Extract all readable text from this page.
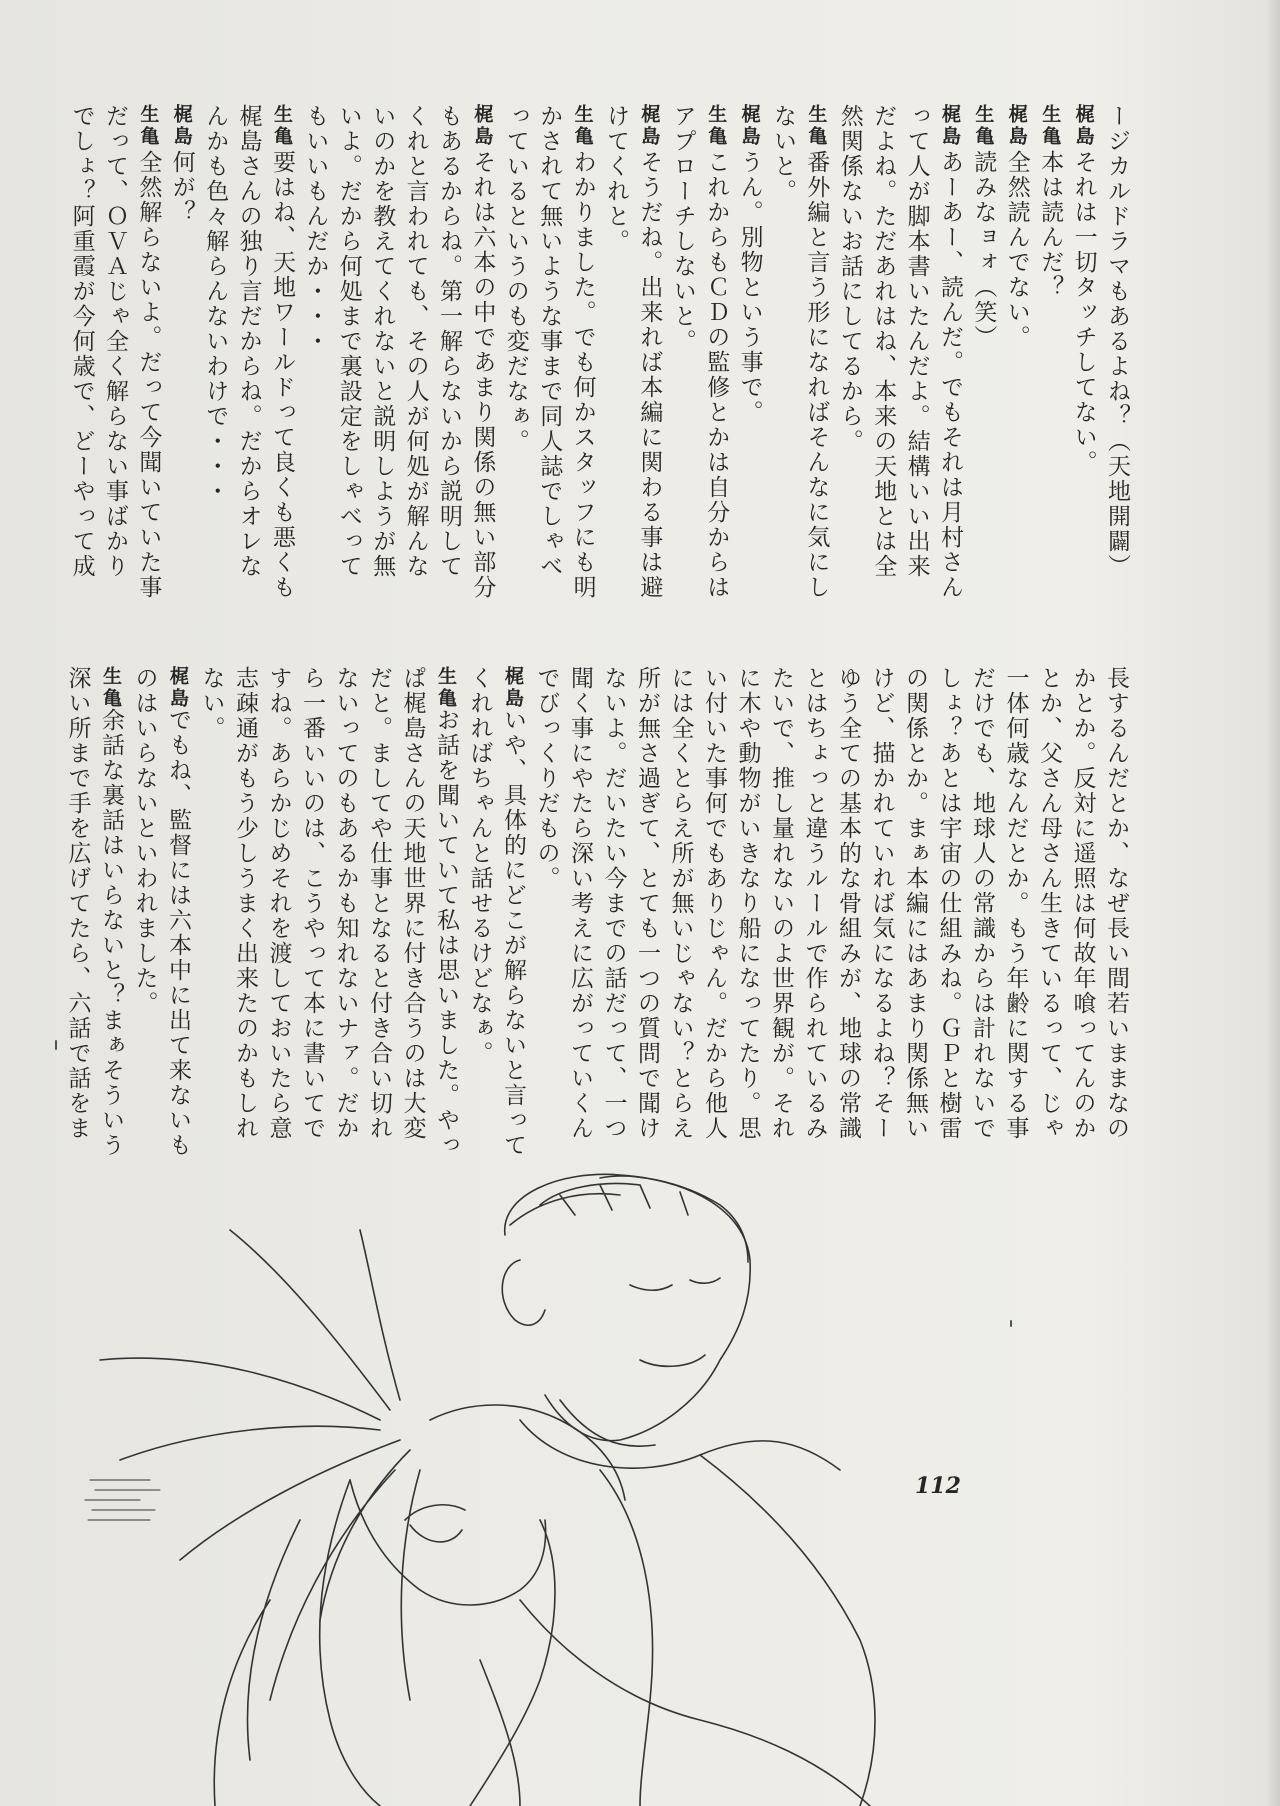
ージカルドラマもあるよね？（天地開闢）
梶島
それは一切タッチしてない。
生亀
本は読んだ？
梶島
全然読んでない。
生亀
読みなョォ（笑）
梶島
あーあー、読んだ。でもそれは月村さん
って人が脚本書いたんだよ。結構いい出来
だよね。ただあれはね、本来の天地とは全
然関係ないお話にしてるから。
生亀
番外編と言う形になればそんなに気にし
ないと。
梶島
うん。別物という事で。
生亀
これからもＣＤの監修とかは自分からは
アプローチしないと。
梶島
そうだね。出来れば本編に関わる事は避
けてくれと。
生亀
わかりました。でも何かスタッフにも明
かされて無いような事まで同人誌でしゃべ
っているというのも変だなぁ。
梶島
それは六本の中であまり関係の無い部分
もあるからね。第一解らないから説明して
くれと言われても、その人が何処が解んな
いのかを教えてくれないと説明しようが無
いよ。だから何処まで裏設定をしゃべって
もいいもんだか・・・
生亀
要はね、天地ワールドって良くも悪くも
梶島さんの独り言だからね。だからオレな
んかも色々解らんないわけで・・・
梶島
何が？
生亀
全然解らないよ。だって今聞いていた事
だって、ＯＶＡじゃ全く解らない事ばかり
でしょ？阿重霞が今何歳で、どーやって成
長するんだとか、なぜ長い間若いままなの
かとか。反対に遥照は何故年喰ってんのか
とか、父さん母さん生きているって、じゃ
一体何歳なんだとか。もう年齢に関する事
だけでも、地球人の常識からは計れないで
しょ？あとは宇宙の仕組みね。ＧＰと樹雷
の関係とか。まぁ本編にはあまり関係無い
けど、描かれていれば気になるよね？そー
ゆう全ての基本的な骨組みが、地球の常識
とはちょっと違うルールで作られているみ
たいで、推し量れないのよ世界観が。それ
に木や動物がいきなり船になってたり。思
い付いた事何でもありじゃん。だから他人
には全くとらえ所が無いじゃない？とらえ
所が無さ過ぎて、とても一つの質問で聞け
ないよ。だいたい今までの話だって、一つ
聞く事にやたら深い考えに広がっていくん
でびっくりだもの。
梶島
いや、具体的にどこが解らないと言って
くれればちゃんと話せるけどなぁ。
生亀
お話を聞いていて私は思いました。やっ
ぱ梶島さんの天地世界に付き合うのは大変
だと。ましてや仕事となると付き合い切れ
ないってのもあるかも知れないナァ。だか
ら一番いいのは、こうやって本に書いてで
すね。あらかじめそれを渡しておいたら意
志疎通がもう少しうまく出来たのかもしれ
ない。
梶島
でもね、監督には六本中に出て来ないも
のはいらないといわれました。
生亀
余話な裏話はいらないと？まぁそういう
深い所まで手を広げてたら、六話で話をま
112
